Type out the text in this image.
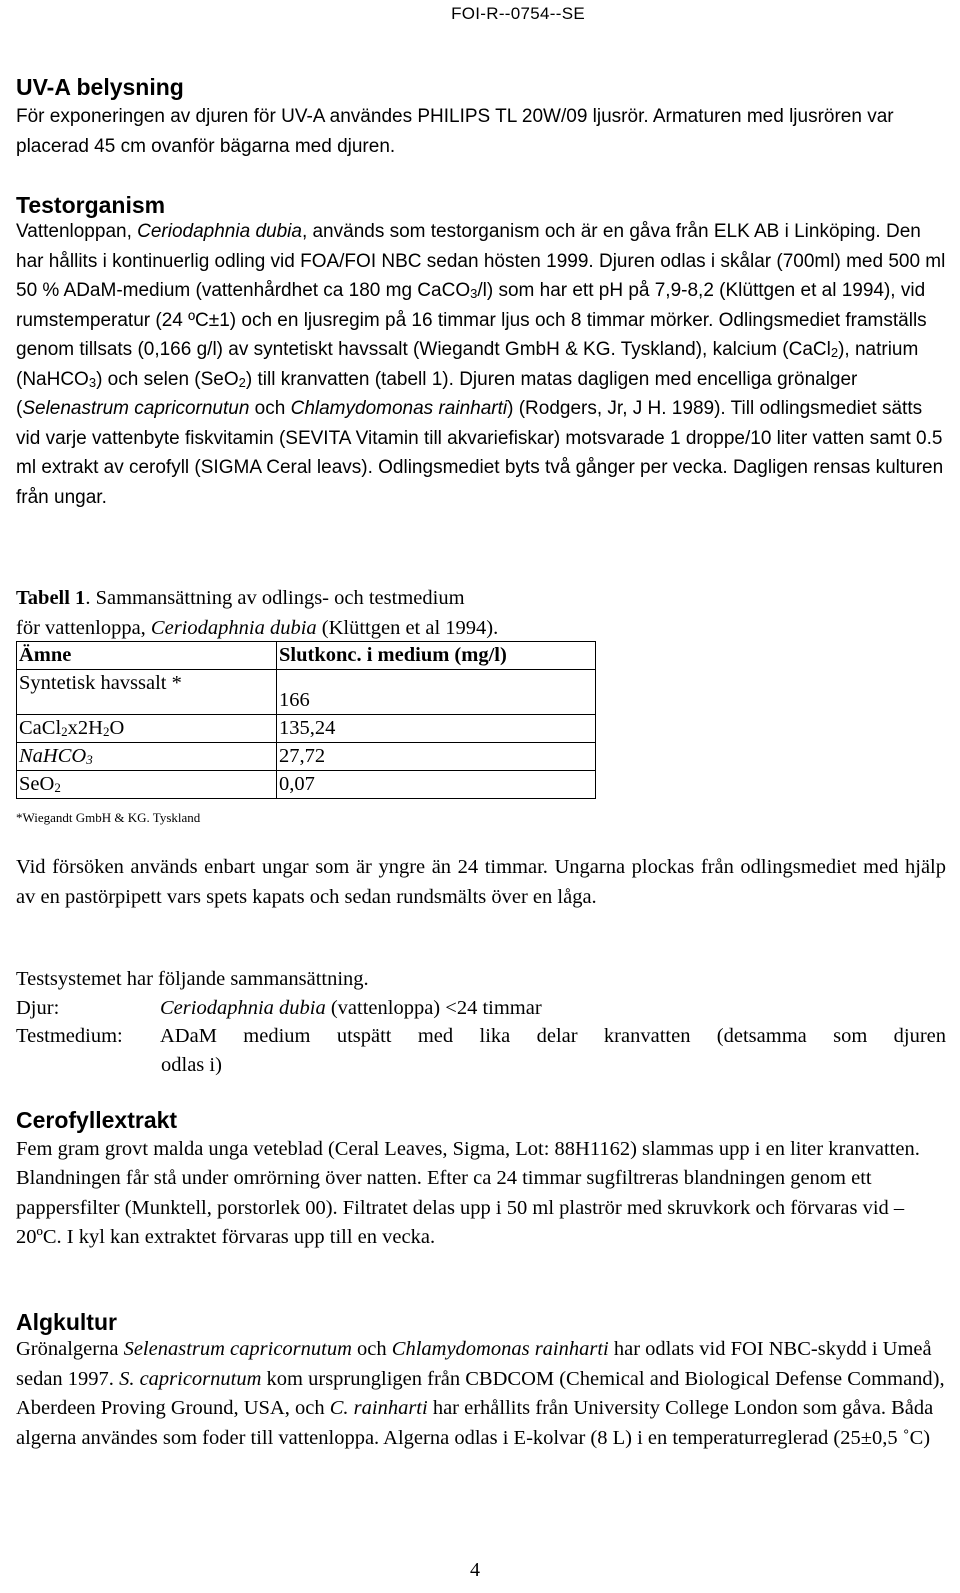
FOI-R--0754--SE
UV-A belysning

För exponeringen av djuren för UV-A användes PHILIPS TL 20W/09 ljusrör. Armaturen med ljusrören var placerad 45 cm ovanför bägarna med djuren.

Testorganism

Vattenloppan, Ceriodaphnia dubia, används som testorganism och är en gåva från ELK AB i Linköping. Den har hållits i kontinuerlig odling vid FOA/FOI NBC sedan hösten 1999. Djuren odlas i skålar (700ml) med 500 ml 50 % ADaM-medium (vattenhårdhet ca 180 mg CaCO$_3$/l) som har ett pH på 7,9-8,2 (Klüttgen et al 1994), vid rumstemperatur (24 ºC±1) och en ljusregim på 16 timmar ljus och 8 timmar mörker. Odlingsmediet framställs genom tillsats (0,166 g/l) av syntetiskt havssalt (Wiegandt GmbH & KG. Tyskland), kalcium (CaCl$_2$), natrium (NaHCO$_3$) och selen (SeO$_2$) till kranvatten (tabell 1). Djuren matas dagligen med encelliga grönalger (Selenastrum capricornutun och Chlamydomonas rainharti) (Rodgers, Jr, J H. 1989). Till odlingsmediet sätts vid varje vattenbyte fiskvitamin (SEVITA Vitamin till akvariefiskar) motsvarade 1 droppe/10 liter vatten samt 0.5 ml extrakt av cerofyll (SIGMA Ceral leavs). Odlingsmediet byts två gånger per vecka. Dagligen rensas kulturen från ungar.

Tabell 1. Sammansättning av odlings- och testmedium
för vattenloppa, Ceriodaphnia dubia (Klüttgen et al 1994).

Ämne	Slutkonc. i medium (mg/l)
Syntetisk havssalt *	166
$CaCl_2x2H_2O$	135,24
NaHCO$_3$	27,72
SeO$_2$	0,07
*Wiegandt GmbH & KG. Tyskland

Vid försöken används enbart ungar som är yngre än 24 timmar. Ungarna plockas från odlingsmediet med hjälp av en pastörpipett vars spets kapats och sedan rundsmälts över en låga.

Testsystemet har följande sammansättning.

Djur:	Ceriodaphnia dubia (vattenloppa) <24 timmar

Testmedium: ADaM medium utspätt med lika delar kranvatten (detsamma som djuren

odlas i)

Cerofyllextrakt

Fem gram grovt malda unga veteblad (Ceral Leaves, Sigma, Lot: 88H1162) slammas upp i en liter kranvatten. Blandningen får stå under omrörning över natten. Efter ca 24 timmar sugfiltreras blandningen genom ett pappersfilter (Munktell, porstorlek 00). Filtratet delas upp i 50 ml plaströr med skruvkork och förvaras vid –20ºC. I kyl kan extraktet förvaras upp till en vecka.

Algkultur

Grönalgerna Selenastrum capricornutum och Chlamydomonas rainharti har odlats vid FOI NBC-skydd i Umeå sedan 1997. S. capricornutum kom ursprungligen från CBDCOM (Chemical and Biological Defense Command), Aberdeen Proving Ground, USA, och C. rainharti har erhållits från University College London som gåva. Båda algerna användes som foder till vattenloppa. Algerna odlas i E-kolvar (8 L) i en temperaturreglerad (25±0,5 ˚C)

4
